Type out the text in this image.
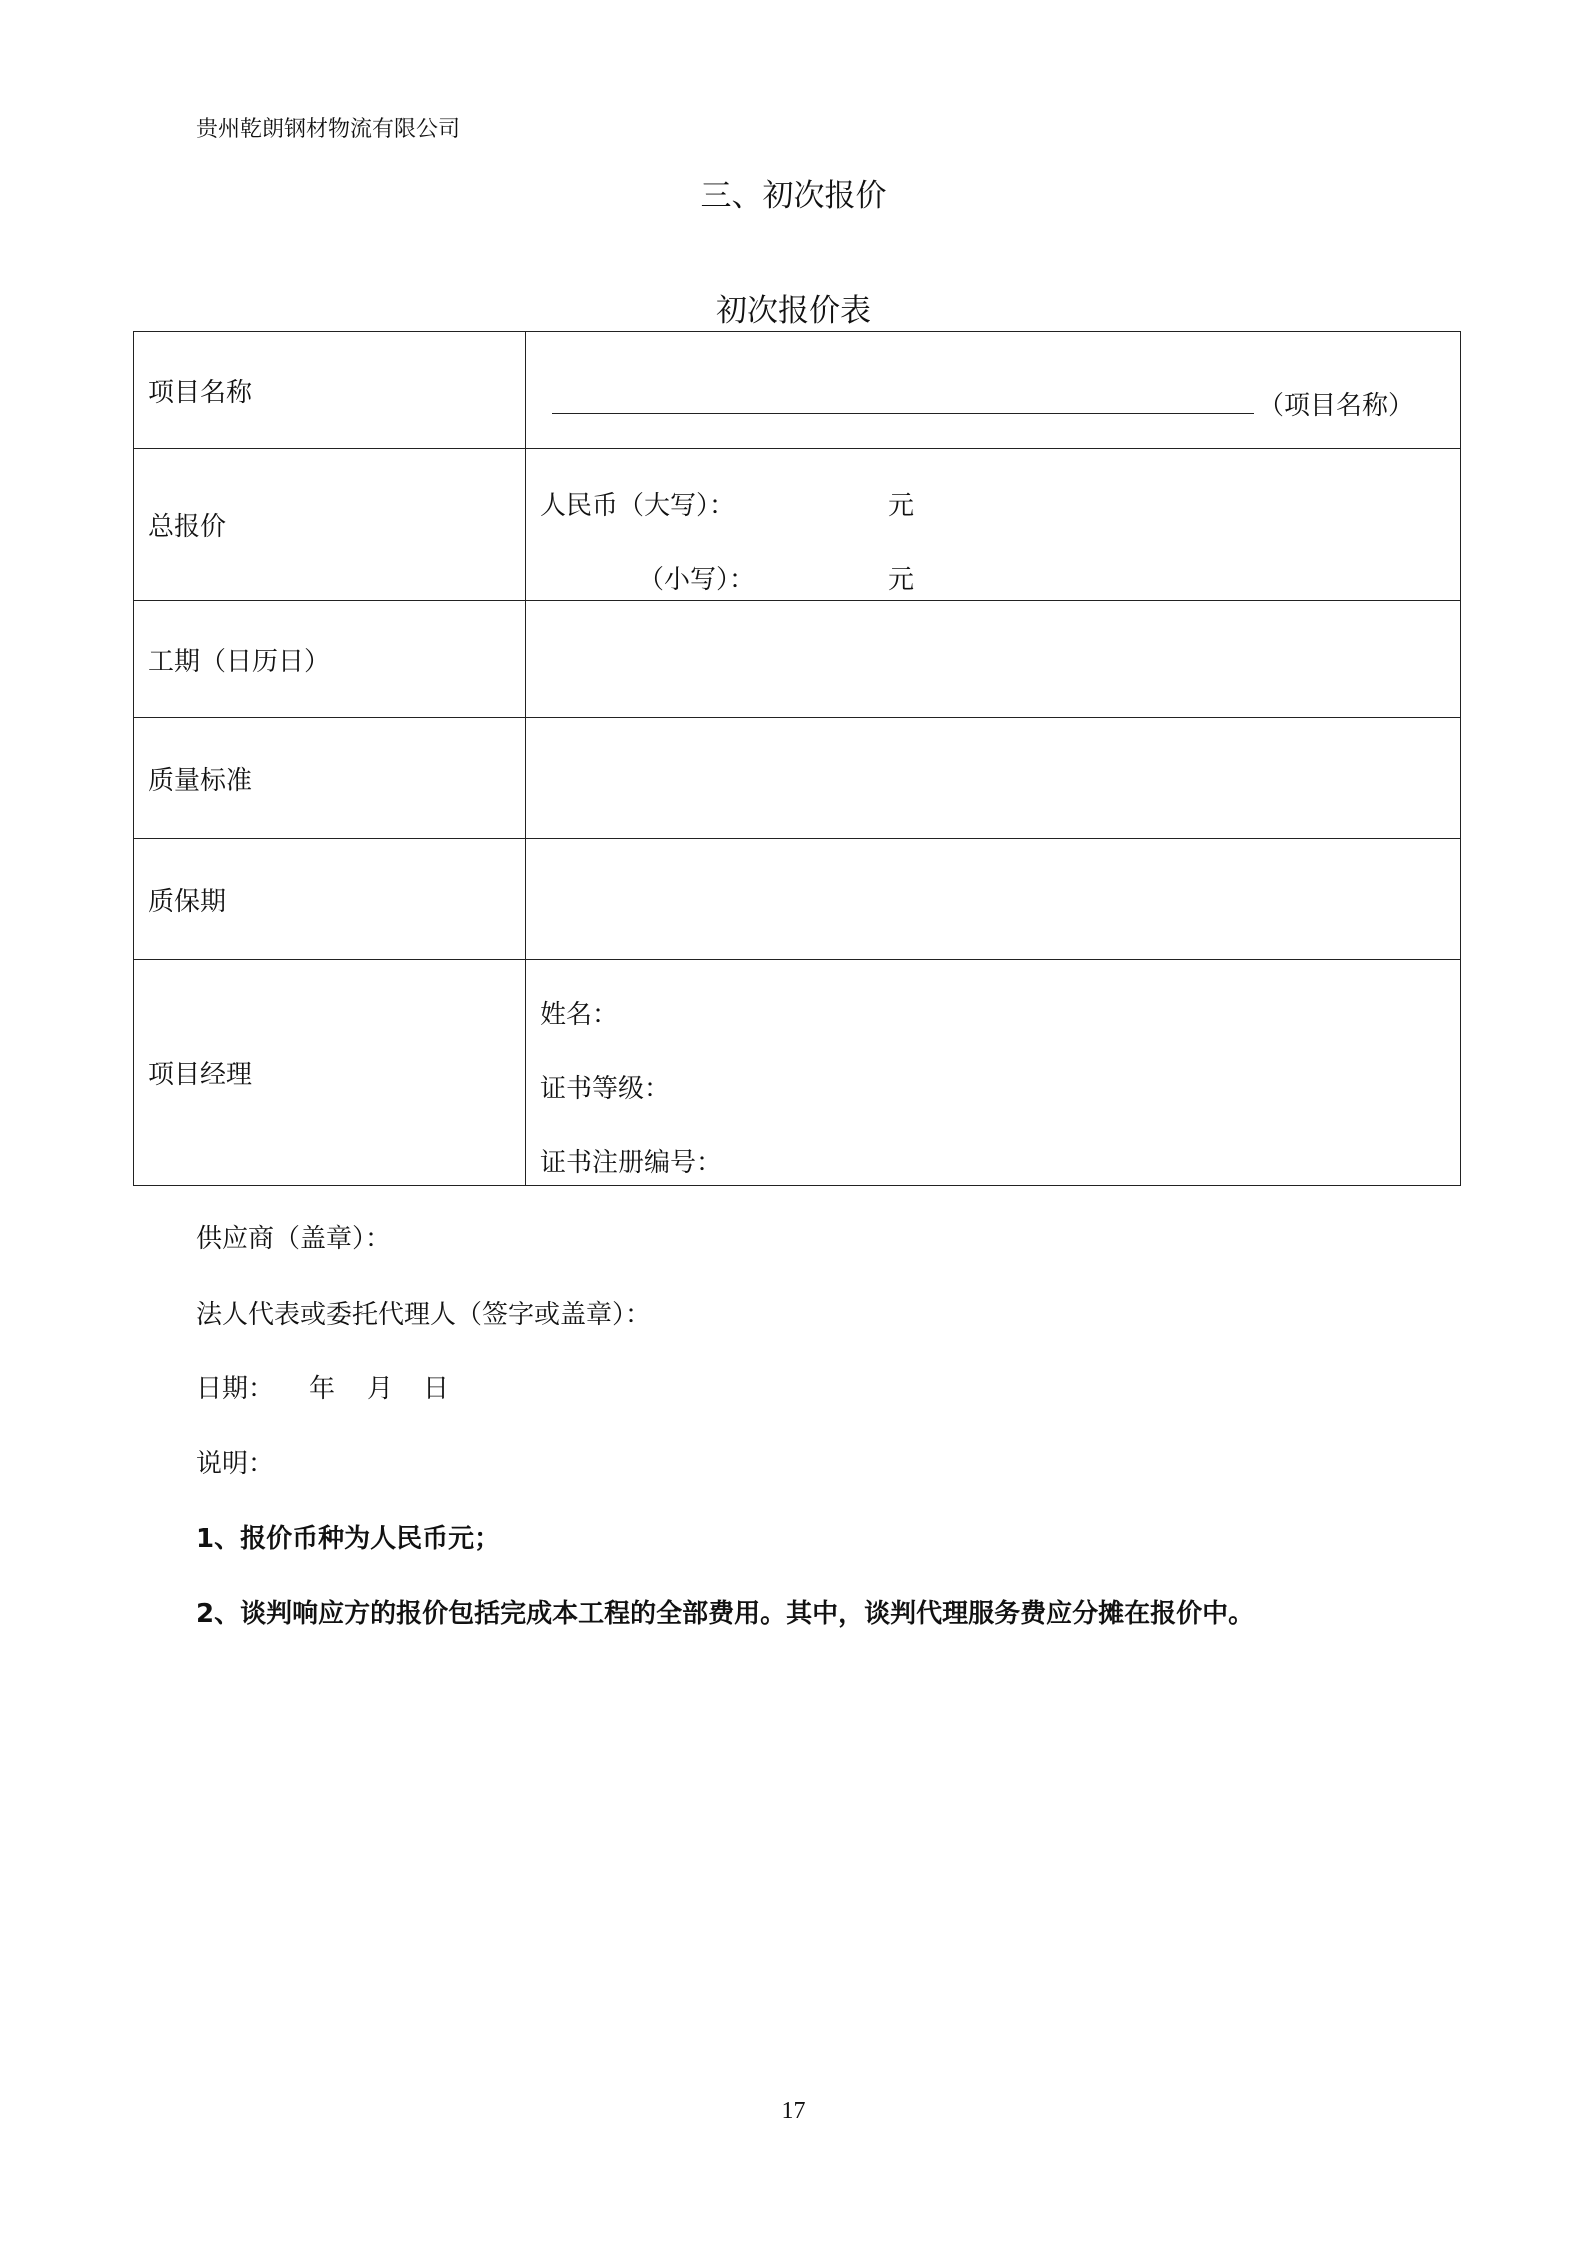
贵州乾朗钢材物流有限公司
三、初次报价
初次报价表
项目名称	（项目名称）

总报价	人民币（大写）： 元
（小写）： 元

工期（日历日）	
质量标准	
质保期	
项目经理	姓名：
证书等级：
证书注册编号：
供应商（盖章）：
法人代表或委托代理人（签字或盖章）：
日期： 年 月 日
说明：
1、报价币种为人民币元；
2、谈判响应方的报价包括完成本工程的全部费用。其中，谈判代理服务费应分摊在报价中。
17
